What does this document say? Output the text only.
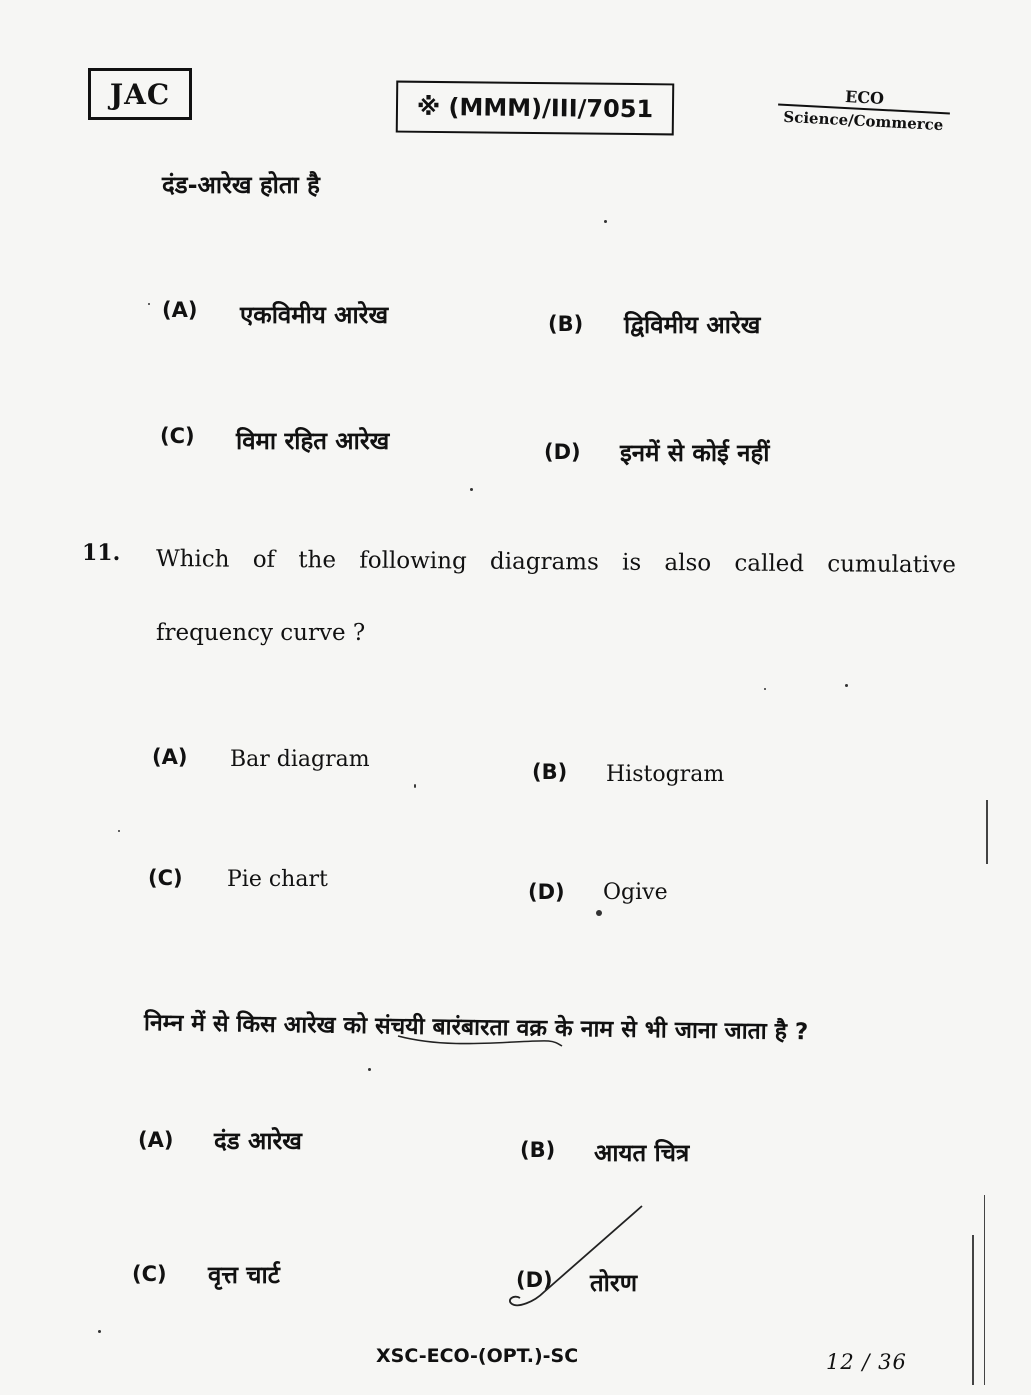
JAC	※ (MMM)/III/7051	ECO
Science/Commerce
दंड-आरेख होता है
(A) एकविमीय आरेख	(B) द्विविमीय आरेख
(C) विमा रहित आरेख	(D) इनमें से कोई नहीं
11. Which of the following diagrams is also called cumulative
frequency curve ?
(A) Bar diagram	(B) Histogram
(C) Pie chart	(D) Ogive
निम्न में से किस आरेख को संचयी बारंबारता वक्र के नाम से भी जाना जाता है ?
(A) दंड आरेख	(B) आयत चित्र
(C) वृत्त चार्ट	(D) तोरण
XSC-ECO-(OPT.)-SC	12 / 36
